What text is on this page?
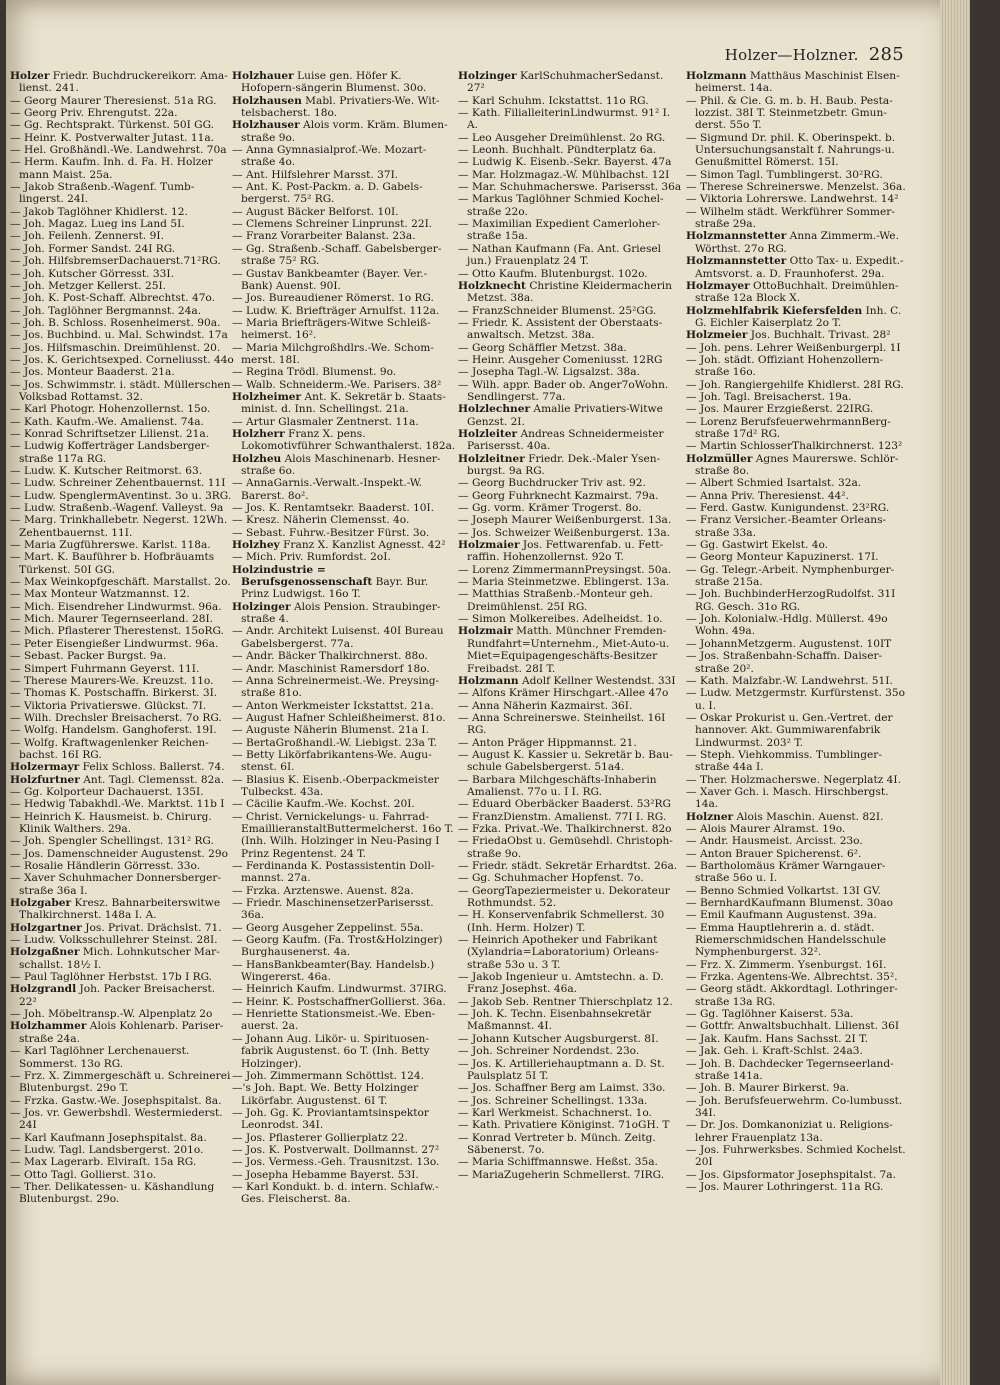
Holzer—Holzner. 285
Holzer Friedr. Buchdruckereikorr. Ama-lienst. 241.
— Georg Maurer Theresienst. 51a RG.
— Georg Priv. Ehrengutst. 22a.
— Gg. Rechtsprakt. Türkenst. 50I GG.
— Heinr. K. Postverwalter Jutast. 11a.
— Hel. Großhändl.-We. Landwehrst. 70a
— Herm. Kaufm. Inh. d. Fa. H. Holzer mann Maist. 25a.
— Jakob Straßenb.-Wagenf. Tumb-lingerst. 24I.
— Jakob Taglöhner Khidlerst. 12.
— Joh. Magaz. Lueg ins Land 5I.
— Joh. Feilenh. Zennerst. 9I.
— Joh. Former Sandst. 24I RG.
— Joh. HilfsbremserDachauerst.71²RG.
— Joh. Kutscher Görresst. 33I.
— Joh. Metzger Kellerst. 25I.
— Joh. K. Post-Schaff. Albrechtst. 47o.
— Joh. Taglöhner Bergmannst. 24a.
— Joh. B. Schloss. Rosenheimerst. 90a.
— Jos. Buchbind. u. Mal. Schwindst. 17a
— Jos. Hilfsmaschin. Dreimühlenst. 20.
— Jos. K. Gerichtsexped. Corneliusst. 44o
— Jos. Monteur Baaderst. 21a.
— Jos. Schwimmstr. i. städt. Müllerschen Volksbad Rottamst. 32.
— Karl Photogr. Hohenzollernst. 15o.
— Kath. Kaufm.-We. Amalienst. 74a.
— Konrad Schriftsetzer Lilienst. 21a.
— Ludwig Kofferträger Landsberger-straße 117a RG.
— Ludw. K. Kutscher Reitmorst. 63.
— Ludw. Schreiner Zehentbauernst. 11I
— Ludw. SpenglermAventinst. 3o u. 3RG.
— Ludw. Straßenb.-Wagenf. Valleyst. 9a
— Marg. Trinkhallebetr. Negerst. 12Wh. Zehentbauernst. 11I.
— Maria Zugführerswe. Karlst. 118a.
— Mart. K. Bauführer b. Hofbräuamts Türkenst. 50I GG.
— Max Weinkopfgeschäft. Marstallst. 2o.
— Max Monteur Watzmannst. 12.
— Mich. Eisendreher Lindwurmst. 96a.
— Mich. Maurer Tegernseerland. 28I.
— Mich. Pflasterer Therestenst. 15oRG.
— Peter Eisengießer Lindwurmst. 96a.
— Sebast. Packer Burgst. 9a.
— Simpert Fuhrmann Geyerst. 11I.
— Therese Maurers-We. Kreuzst. 11o.
— Thomas K. Postschaffn. Birkerst. 3I.
— Viktoria Privatierswe. Glückst. 7I.
— Wilh. Drechsler Breisacherst. 7o RG.
— Wolfg. Handelsm. Ganghoferst. 19I.
— Wolfg. Kraftwagenlenker Reichen-bachst. 16I RG.
Holzermayr Felix Schloss. Ballerst. 74.
Holzfurtner Ant. Tagl. Clemensst. 82a.
— Gg. Kolporteur Dachauerst. 135I.
— Hedwig Tabakhdl.-We. Marktst. 11b I
— Heinrich K. Hausmeist. b. Chirurg. Klinik Walthers. 29a.
— Joh. Spengler Schellingst. 131² RG.
— Jos. Damenschneider Augustenst. 29o
— Rosalie Händlerin Görresst. 33o.
— Xaver Schuhmacher Donnersberger-straße 36a I.
Holzgaber Kresz. Bahnarbeiterswitwe Thalkirchnerst. 148a I. A.
Holzgartner Jos. Privat. Drächslst. 71.
— Ludw. Volksschullehrer Steinst. 28I.
Holzgaßner Mich. Lohnkutscher Mar-schallst. 18½ I.
— Paul Taglöhner Herbstst. 17b I RG.
Holzgrandl Joh. Packer Breisacherst. 22²
— Joh. Möbeltransp.-W. Alpenplatz 2o
Holzhammer Alois Kohlenarb. Pariser-straße 24a.
— Karl Taglöhner Lerchenauerst. Sommerst. 13o RG.
— Frz. X. Zimmergeschäft u. Schreinerei Blutenburgst. 29o T.
— Frzka. Gastw.-We. Josephspitalst. 8a.
— Jos. vr. Gewerbshdl. Westermiederst. 24I
— Karl Kaufmann Josephspitalst. 8a.
— Ludw. Tagl. Landsbergerst. 201o.
— Max Lagerarb. Elviraſt. 15a RG.
— Otto Tagl. Gollierst. 31o.
— Ther. Delikatessen- u. Käshandlung Blutenburgst. 29o.
Holzhauer Luise gen. Höfer K. Hofopern-sängerin Blumenst. 30o.
Holzhausen Mabl. Privatiers-We. Wit-telsbacherst. 18o.
Holzhauser Alois vorm. Kräm. Blumen-straße 9o.
— Anna Gymnasialprof.-We. Mozart-straße 4o.
— Ant. Hilfslehrer Marsst. 37I.
— Ant. K. Post-Packm. a. D. Gabels-bergerst. 75² RG.
— August Bäcker Belforst. 10I.
— Clemens Schreiner Linprunst. 22I.
— Franz Vorarbeiter Balanst. 23a.
— Gg. Straßenb.-Schaff. Gabelsberger-straße 75² RG.
— Gustav Bankbeamter (Bayer. Ver.-Bank) Auenst. 90I.
— Jos. Bureaudiener Römerst. 1o RG.
— Ludw. K. Briefträger Arnulfst. 112a.
— Maria Briefträgers-Witwe Schleiß-heimerst. 16².
— Maria Milchgroßhdlrs.-We. Schom-merst. 18I.
— Regina Trödl. Blumenst. 9o.
— Walb. Schneiderm.-We. Parisers. 38²
Holzheimer Ant. K. Sekretär b. Staats-minist. d. Inn. Schellingst. 21a.
— Artur Glasmaler Zentnerst. 11a.
Holzherr Franz X. pens. Lokomotivführer Schwanthalerst. 182a.
Holzheu Alois Maschinenarb. Hesner-straße 6o.
— AnnaGarnis.-Verwalt.-Inspekt.-W. Barerst. 8o².
— Jos. K. Rentamtsekr. Baaderst. 10I.
— Kresz. Näherin Clemensst. 4o.
— Sebast. Fuhrw.-Besitzer Fürst. 3o.
Holzhey Franz X. Kanzlist Agnesst. 42²
— Mich. Priv. Rumfordst. 2oI.
Holzindustrie = Berufsgenossenschaft Bayr. Bur. Prinz Ludwigst. 16o T.
Holzinger Alois Pension. Straubinger-straße 4.
— Andr. Architekt Luisenst. 40I Bureau Gabelsbergerst. 77a.
— Andr. Bäcker Thalkirchnerst. 88o.
— Andr. Maschinist Ramersdorf 18o.
— Anna Schreinermeist.-We. Preysing-straße 81o.
— Anton Werkmeister Ickstattst. 21a.
— August Hafner Schleißheimerst. 81o.
— Auguste Näherin Blumenst. 21a I.
— BertaGroßhandl.-W. Liebigst. 23a T.
— Betty Likörfabrikantens-We. Augu-stenst. 6I.
— Blasius K. Eisenb.-Oberpackmeister Tulbeckst. 43a.
— Cäcilie Kaufm.-We. Kochst. 20I.
— Christ. Vernickelungs- u. Fahrrad-EmaillieranstaltButtermelcherst. 16o T. (Inh. Wilh. Holzinger in Neu-Pasing I Prinz Regentenst. 24 T.
— Ferdinanda K. Postassistentin Doll-mannst. 27a.
— Frzka. Arztenswe. Auenst. 82a.
— Friedr. MaschinensetzerParisersst. 36a.
— Georg Ausgeher Zeppelinst. 55a.
— Georg Kaufm. (Fa. Trost&Holzinger) Burghausenerst. 4a.
— HansBankbeamter(Bay. Handelsb.) Wingererst. 46a.
— Heinrich Kaufm. Lindwurmst. 37IRG.
— Heinr. K. PostschaffnerGollierst. 36a.
— Henriette Stationsmeist.-We. Eben-auerst. 2a.
— Johann Aug. Likör- u. Spirituosen-fabrik Augustenst. 6o T. (Inh. Betty Holzinger).
— Joh. Zimmermann Schöttlst. 124.
—'s Joh. Bapt. We. Betty Holzinger Likörfabr. Augustenst. 6I T.
— Joh. Gg. K. Proviantamtsinspektor Leonrodst. 34I.
— Jos. Pflasterer Gollierplatz 22.
— Jos. K. Postverwalt. Dollmannst. 27²
— Jos. Vermess.-Geh. Trausnitzst. 13o.
— Josepha Hebamme Bayerst. 53I.
— Karl Kondukt. b. d. intern. Schlafw.-Ges. Fleischerst. 8a.
Holzinger KarlSchuhmacherSedanst. 27²
— Karl Schuhm. Ickstattst. 11o RG.
— Kath. FilialleiterinLindwurmst. 91² I. A.
— Leo Ausgeher Dreimühlenst. 2o RG.
— Leonh. Buchhalt. Pündterplatz 6a.
— Ludwig K. Eisenb.-Sekr. Bayerst. 47a
— Mar. Holzmagaz.-W. Mühlbachst. 12I
— Mar. Schuhmacherswe. Parisersst. 36a
— Markus Taglöhner Schmied Kochel-straße 22o.
— Maximilian Expedient Camerloher-straße 15a.
— Nathan Kaufmann (Fa. Ant. Griesel jun.) Frauenplatz 24 T.
— Otto Kaufm. Blutenburgst. 102o.
Holzknecht Christine Kleidermacherin Metzst. 38a.
— FranzSchneider Blumenst. 25²GG.
— Friedr. K. Assistent der Oberstaats-anwaltsch. Metzst. 38a.
— Georg Schäffler Metzst. 38a.
— Heinr. Ausgeher Comeniusst. 12RG
— Josepha Tagl.-W. Ligsalzst. 38a.
— Wilh. appr. Bader ob. Anger7oWohn. Sendlingerst. 77a.
Holzlechner Amalie Privatiers-Witwe Genzst. 2I.
Holzleiter Andreas Schneidermeister Parisersst. 40a.
Holzleitner Friedr. Dek.-Maler Ysen-burgst. 9a RG.
— Georg Buchdrucker Triv ast. 92.
— Georg Fuhrknecht Kazmairst. 79a.
— Gg. vorm. Krämer Trogerst. 8o.
— Joseph Maurer Weißenburgerst. 13a.
— Jos. Schweizer Weißenburgerst. 13a.
Holzmaier Jos. Fettwarenfab. u. Fett-raffin. Hohenzollernst. 92o T.
— Lorenz ZimmermannPreysingst. 50a.
— Maria Steinmetzwe. Eblingerst. 13a.
— Matthias Straßenb.-Monteur geh. Dreimühlenst. 25I RG.
— Simon Molkereibes. Adelheidst. 1o.
Holzmair Matth. Münchner Fremden-Rundfahrt=Unternehm., Miet-Auto-u. Miet=Equipagengeschäfts-Besitzer Freibadst. 28I T.
Holzmann Adolf Kellner Westendst. 33I
— Alfons Krämer Hirschgart.-Allee 47o
— Anna Näherin Kazmairst. 36I.
— Anna Schreinerswe. Steinheilst. 16I RG.
— Anton Präger Hippmannst. 21.
— August K. Kassier u. Sekretär b. Bau-schule Gabelsbergerst. 51a4.
— Barbara Milchgeschäfts-Inhaberin Amalienst. 77o u. I I. RG.
— Eduard Oberbäcker Baaderst. 53²RG
— FranzDienstm. Amalienst. 77I I. RG.
— Fzka. Privat.-We. Thalkirchnerst. 82o
— FriedaObst u. Gemüsehdl. Christoph-straße 9o.
— Friedr. städt. Sekretär Erhardtst. 26a.
— Gg. Schuhmacher Hopfenst. 7o.
— GeorgTapeziermeister u. Dekorateur Rothmundst. 52.
— H. Konservenfabrik Schmellerst. 30 (Inh. Herm. Holzer) T.
— Heinrich Apotheker und Fabrikant (Xylandria=Laboratorium) Orleans-straße 53o u. 3 T.
— Jakob Ingenieur u. Amtstechn. a. D. Franz Josephst. 46a.
— Jakob Seb. Rentner Thierschplatz 12.
— Joh. K. Techn. Eisenbahnsekretär Maßmannst. 4I.
— Johann Kutscher Augsburgerst. 8I.
— Joh. Schreiner Nordendst. 23o.
— Jos. K. Artilleriehauptmann a. D. St. Paulsplatz 5I T.
— Jos. Schaffner Berg am Laimst. 33o.
— Jos. Schreiner Schellingst. 133a.
— Karl Werkmeist. Schachnerst. 1o.
— Kath. Privatiere Königinst. 71oGH. T
— Konrad Vertreter b. Münch. Zeitg. Säbenerst. 7o.
— Maria Schiffmannswe. Heßst. 35a.
— MariaZugeherin Schmellerst. 7IRG.
Holzmann Matthäus Maschinist Elsen-heimerst. 14a.
— Phil. & Cie. G. m. b. H. Baub. Pesta-lozzist. 38I T. Steinmetzbetr. Gmun-derst. 55o T.
— Sigmund Dr. phil. K. Oberinspekt. b. Untersuchungsanstalt f. Nahrungs-u. Genußmittel Römerst. 15I.
— Simon Tagl. Tumblingerst. 30²RG.
— Therese Schreinerswe. Menzelst. 36a.
— Viktoria Lohrerswe. Landwehrst. 14²
— Wilhelm städt. Werkführer Sommer-straße 29a.
Holzmannstetter Anna Zimmerm.-We. Wörthst. 27o RG.
Holzmannstetter Otto Tax- u. Expedit.-Amtsvorst. a. D. Fraunhoferst. 29a.
Holzmayer OttoBuchhalt. Dreimühlen-straße 12a Block X.
Holzmehlfabrik Kiefersfelden Inh. C. G. Eichler Kaiserplatz 2o T.
Holzmeier Jos. Buchhalt. Trivast. 28²
— Joh. pens. Lehrer Weißenburgerpl. 1I
— Joh. städt. Offiziant Hohenzollern-straße 16o.
— Joh. Rangiergehilfe Khidlerst. 28I RG.
— Joh. Tagl. Breisacherst. 19a.
— Jos. Maurer Erzgießerst. 22IRG.
— Lorenz BerufsfeuerwehrmannBerg-straße 17d² RG.
— Martin SchlosserThalkirchnerst. 123²
Holzmüller Agnes Maurerswe. Schlör-straße 8o.
— Albert Schmied Isartalst. 32a.
— Anna Priv. Theresienst. 44².
— Ferd. Gastw. Kunigundenst. 23²RG.
— Franz Versicher.-Beamter Orleans-straße 33a.
— Gg. Gastwirt Ekelst. 4o.
— Georg Monteur Kapuzinerst. 17I.
— Gg. Telegr.-Arbeit. Nymphenburger-straße 215a.
— Joh. BuchbinderHerzogRudolfst. 31I RG. Gesch. 31o RG.
— Joh. Kolonialw.-Hdlg. Müllerst. 49o Wohn. 49a.
— JohannMetzgerm. Augustenst. 10IT
— Jos. Straßenbahn-Schaffn. Daiser-straße 20².
— Kath. Malzfabr.-W. Landwehrst. 51I.
— Ludw. Metzgermstr. Kurfürstenst. 35o u. I.
— Oskar Prokurist u. Gen.-Vertret. der hannover. Akt. Gummiwarenfabrik Lindwurmst. 203² T.
— Steph. Viehkommiss. Tumblinger-straße 44a I.
— Ther. Holzmacherswe. Negerplatz 4I.
— Xaver Gch. i. Masch. Hirschbergst. 14a.
Holzner Alois Maschin. Auenst. 82I.
— Alois Maurer Alramst. 19o.
— Andr. Hausmeist. Arcisst. 23o.
— Anton Brauer Spicherenst. 6².
— Bartholomäus Krämer Warngauer-straße 56o u. I.
— Benno Schmied Volkartst. 13I GV.
— BernhardKaufmann Blumenst. 30ao
— Emil Kaufmann Augustenst. 39a.
— Emma Hauptlehrerin a. d. städt. Riemerschmidschen Handelsschule Nymphenburgerst. 32².
— Frz. X. Zimmerm. Ysenburgst. 16I.
— Frzka. Agentens-We. Albrechtst. 35².
— Georg städt. Akkordtagl. Lothringer-straße 13a RG.
— Gg. Taglöhner Kaiserst. 53a.
— Gottfr. Anwaltsbuchhalt. Lilienst. 36I
— Jak. Kaufm. Hans Sachsst. 2I T.
— Jak. Geh. i. Kraft-Schlst. 24a3.
— Joh. B. Dachdecker Tegernseerland-straße 141a.
— Joh. B. Maurer Birkerst. 9a.
— Joh. Berufsfeuerwehrm. Co-lumbusst. 34I.
— Dr. Jos. Domkanoniziat u. Religions-lehrer Frauenplatz 13a.
— Jos. Fuhrwerksbes. Schmied Kochelst. 20I
— Jos. Gipsformator Josephspitalst. 7a.
— Jos. Maurer Lothringerst. 11a RG.
